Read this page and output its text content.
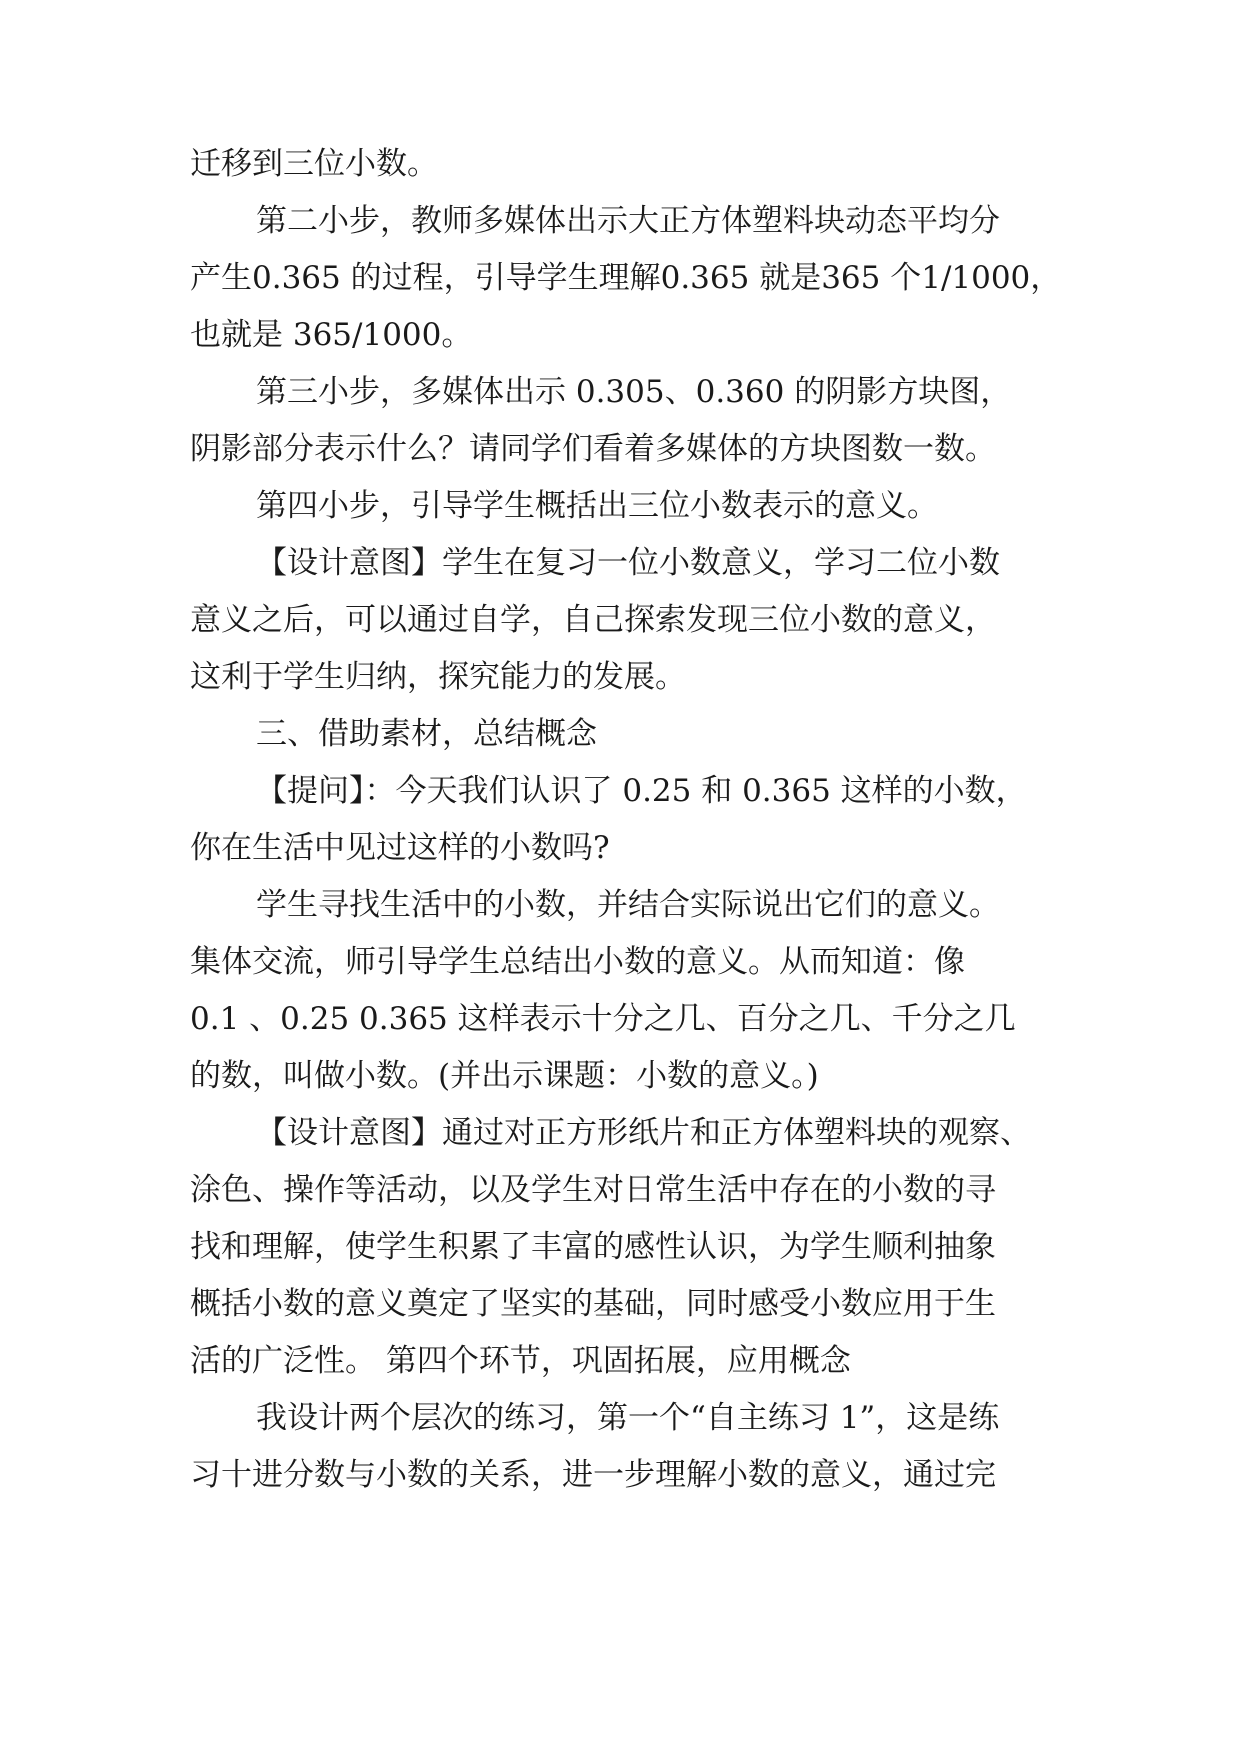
迁移到三位小数。

第二小步，教师多媒体出示大正方体塑料块动态平均分

产生0.365 的过程，引导学生理解0.365 就是365 个1/1000，

也就是 365/1000。

第三小步，多媒体出示 0.305、0.360 的阴影方块图，

阴影部分表示什么？请同学们看着多媒体的方块图数一数。

第四小步，引导学生概括出三位小数表示的意义。

【设计意图】学生在复习一位小数意义，学习二位小数

意义之后，可以通过自学，自己探索发现三位小数的意义，

这利于学生归纳，探究能力的发展。

三、借助素材，总结概念

【提问】：今天我们认识了 0.25 和 0.365 这样的小数，

你在生活中见过这样的小数吗?

学生寻找生活中的小数，并结合实际说出它们的意义。

集体交流，师引导学生总结出小数的意义。从而知道：像

0.1 、0.25 0.365 这样表示十分之几、百分之几、千分之几

的数，叫做小数。(并出示课题：小数的意义。)

【设计意图】通过对正方形纸片和正方体塑料块的观察、

涂色、操作等活动，以及学生对日常生活中存在的小数的寻

找和理解，使学生积累了丰富的感性认识，为学生顺利抽象

概括小数的意义奠定了坚实的基础，同时感受小数应用于生

活的广泛性。 第四个环节，巩固拓展，应用概念

我设计两个层次的练习，第一个“自主练习 1”，这是练

习十进分数与小数的关系，进一步理解小数的意义，通过完
